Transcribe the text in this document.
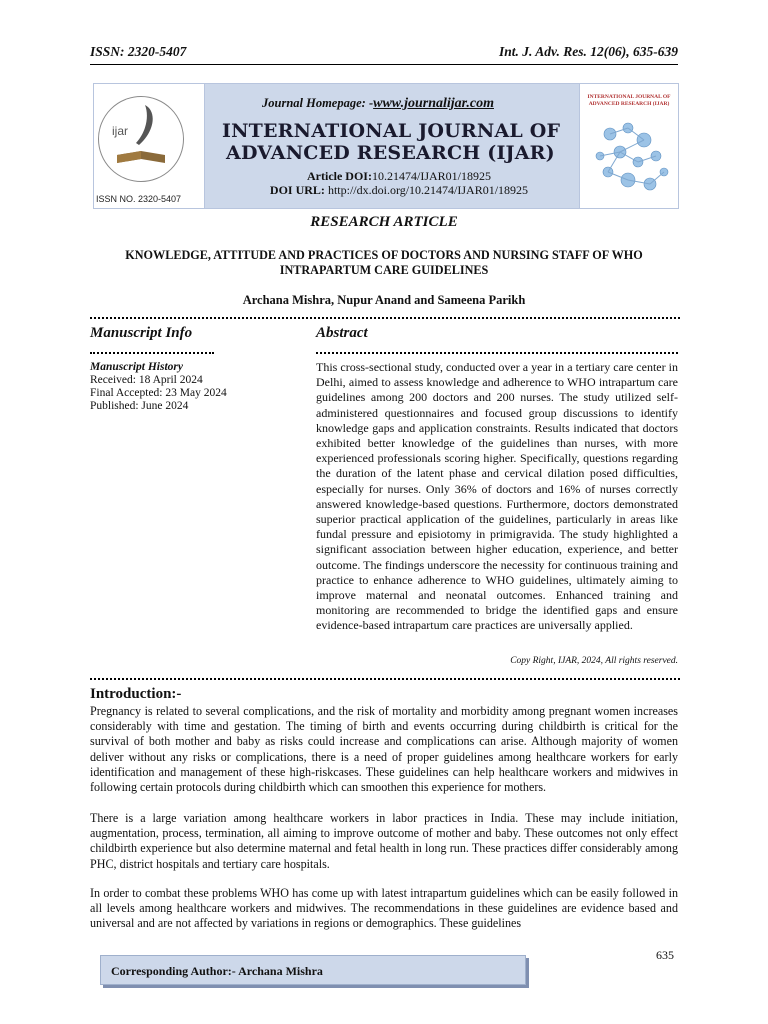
ISSN: 2320-5407	Int. J. Adv. Res. 12(06), 635-639
ijar
ISSN NO. 2320-5407
Journal Homepage: -www.journalijar.com
INTERNATIONAL JOURNAL OF
ADVANCED RESEARCH (IJAR)
Article DOI:10.21474/IJAR01/18925
DOI URL: http://dx.doi.org/10.21474/IJAR01/18925
INTERNATIONAL JOURNAL OF ADVANCED RESEARCH (IJAR)
RESEARCH ARTICLE
KNOWLEDGE, ATTITUDE AND PRACTICES OF DOCTORS AND NURSING STAFF OF WHO INTRAPARTUM CARE GUIDELINES
Archana Mishra, Nupur Anand and Sameena Parikh
Manuscript Info	Abstract
Manuscript History
Received: 18 April 2024
Final Accepted: 23 May 2024
Published: June 2024
This cross-sectional study, conducted over a year in a tertiary care center in Delhi, aimed to assess knowledge and adherence to WHO intrapartum care guidelines among 200 doctors and 200 nurses. The study utilized self-administered questionnaires and focused group discussions to identify knowledge gaps and application constraints. Results indicated that doctors exhibited better knowledge of the guidelines than nurses, with more experienced professionals scoring higher. Specifically, questions regarding the duration of the latent phase and cervical dilation posed difficulties, especially for nurses. Only 36% of doctors and 16% of nurses correctly answered knowledge-based questions. Furthermore, doctors demonstrated superior practical application of the guidelines, particularly in areas like fundal pressure and episiotomy in primigravida. The study highlighted a significant association between higher education, experience, and better outcome. The findings underscore the necessity for continuous training and practice to enhance adherence to WHO guidelines, ultimately aiming to improve maternal and neonatal outcomes. Enhanced training and monitoring are recommended to bridge the identified gaps and ensure evidence-based intrapartum care practices are universally applied.
Copy Right, IJAR, 2024, All rights reserved.
Introduction:-

Pregnancy is related to several complications, and the risk of mortality and morbidity among pregnant women increases considerably with time and gestation. The timing of birth and events occurring during childbirth is critical for the survival of both mother and baby as risks could increase and complications can arise. Although majority of women deliver without any risks or complications, there is a need of proper guidelines among healthcare workers for early identification and management of these high-riskcases. These guidelines can help healthcare workers and midwives in following certain protocols during childbirth which can smoothen this experience for mothers.

There is a large variation among healthcare workers in labor practices in India. These may include initiation, augmentation, process, termination, all aiming to improve outcome of mother and baby. These outcomes not only effect childbirth experience but also determine maternal and fetal health in long run. These practices differ considerably among PHC, district hospitals and tertiary care hospitals.

In order to combat these problems WHO has come up with latest intrapartum guidelines which can be easily followed in all levels among healthcare workers and midwives. The recommendations in these guidelines are evidence based and universal and are not affected by variations in regions or demographics. These guidelines

635
Corresponding Author:- Archana Mishra
